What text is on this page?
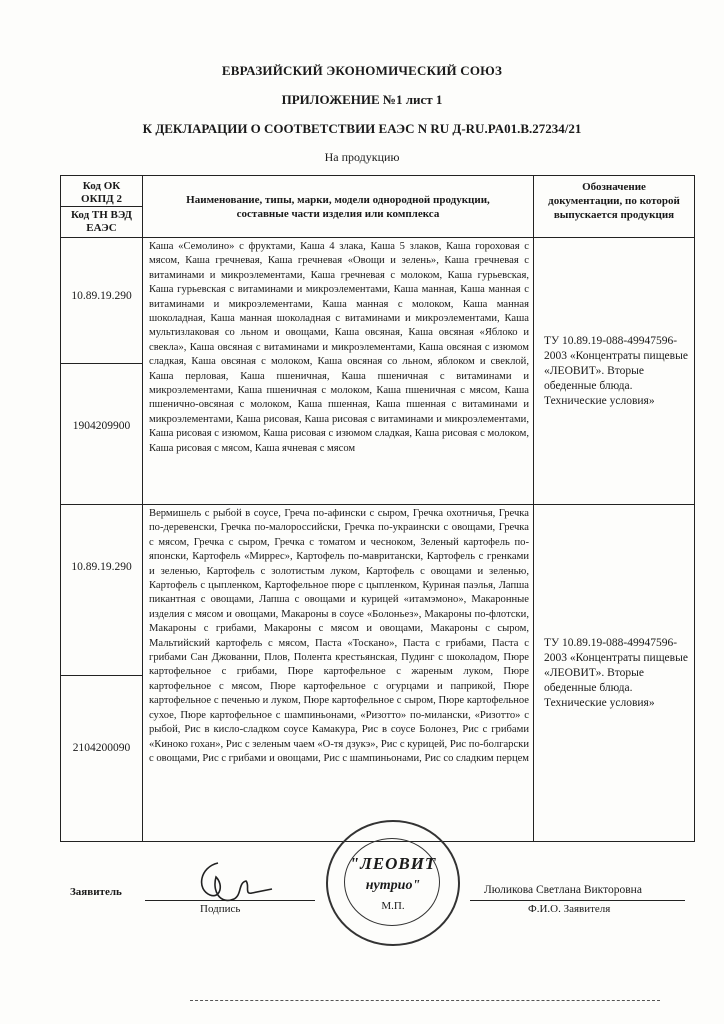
ЕВРАЗИЙСКИЙ ЭКОНОМИЧЕСКИЙ СОЮЗ
ПРИЛОЖЕНИЕ №1 лист 1
К ДЕКЛАРАЦИИ О СООТВЕТСТВИИ ЕАЭС N RU Д-RU.PA01.B.27234/21
На продукцию
Код ОК ОКПД 2	Наименование, типы, марки, модели однородной продукции, составные части изделия или комплекса	Обозначение документации, по которой выпускается продукция

Код ТН ВЭД ЕАЭС		

10.89.19.290	Каша «Семолино» с фруктами, Каша 4 злака, Каша 5 злаков, Каша гороховая с мясом, Каша гречневая, Каша гречневая «Овощи и зелень», Каша гречневая с витаминами и микроэлементами, Каша гречневая с молоком, Каша гурьевская, Каша гурьевская с витаминами и микроэлементами, Каша манная, Каша манная с витаминами и микроэлементами, Каша манная с молоком, Каша манная шоколадная, Каша манная шоколадная с витаминами и микроэлементами, Каша мультизлаковая со льном и овощами, Каша овсяная, Каша овсяная «Яблоко и свекла», Каша овсяная с витаминами и микроэлементами, Каша овсяная с изюмом сладкая, Каша овсяная с молоком, Каша овсяная со льном, яблоком и свеклой, Каша перловая, Каша пшеничная, Каша пшеничная с витаминами и микроэлементами, Каша пшеничная с молоком, Каша пшеничная с мясом, Каша пшенично-овсяная с молоком, Каша пшенная, Каша пшенная с витаминами и микроэлементами, Каша рисовая, Каша рисовая с витаминами и микроэлементами, Каша рисовая с изюмом, Каша рисовая с изюмом сладкая, Каша рисовая с молоком, Каша рисовая с мясом, Каша ячневая с мясом	ТУ 10.89.19-088-49947596-2003 «Концентраты пищевые «ЛЕОВИТ». Вторые обеденные блюда. Технические условия»

1904209900		

10.89.19.290	Вермишель с рыбой в соусе, Греча по-афински с сыром, Гречка охотничья, Гречка по-деревенски, Гречка по-малороссийски, Гречка по-украински с овощами, Гречка с мясом, Гречка с сыром, Гречка с томатом и чесноком, Зеленый картофель по-японски, Картофель «Миррес», Картофель по-мавритански, Картофель с гренками и зеленью, Картофель с золотистым луком, Картофель с овощами и зеленью, Картофель с цыпленком, Картофельное пюре с цыпленком, Куриная паэлья, Лапша пикантная с овощами, Лапша с овощами и курицей «итамэмоно», Макаронные изделия с мясом и овощами, Макароны в соусе «Болоньез», Макароны по-флотски, Макароны с грибами, Макароны с мясом и овощами, Макароны с сыром, Мальтийский картофель с мясом, Паста «Тоскано», Паста с грибами, Паста с грибами Сан Джованни, Плов, Полента крестьянская, Пудинг с шоколадом, Пюре картофельное с грибами, Пюре картофельное с жареным луком, Пюре картофельное с мясом, Пюре картофельное с огурцами и паприкой, Пюре картофельное с печенью и луком, Пюре картофельное с сыром, Пюре картофельное сухое, Пюре картофельное с шампиньонами, «Ризотто» по-милански, «Ризотто» с рыбой, Рис в кисло-сладком соусе Камакура, Рис в соусе Болонез, Рис с грибами «Киноко гохан», Рис с зеленым чаем «О-тя дзукэ», Рис с курицей, Рис по-болгарски с овощами, Рис с грибами и овощами, Рис с шампиньонами, Рис со сладким перцем	ТУ 10.89.19-088-49947596-2003 «Концентраты пищевые «ЛЕОВИТ». Вторые обеденные блюда. Технические условия»

2104200090		
Заявитель
Подпись
"ЛЕОВИТ
нутрио"
М.П.
Люликова Светлана Викторовна
Ф.И.О. Заявителя
